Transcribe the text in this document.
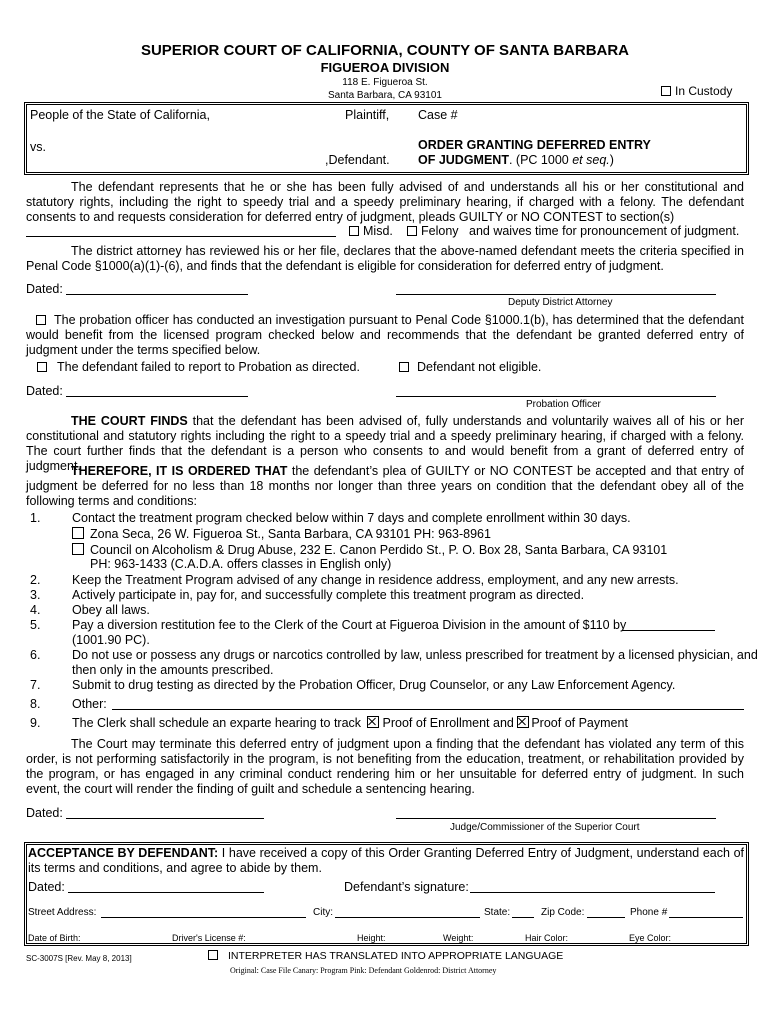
SUPERIOR COURT OF CALIFORNIA, COUNTY OF SANTA BARBARA
FIGUEROA DIVISION
118 E. Figueroa St.
Santa Barbara, CA 93101	In Custody
People of the State of California,	Plaintiff, Case #
vs.
,Defendant.
ORDER GRANTING DEFERRED ENTRY
OF JUDGMENT. (PC 1000 et seq.)
The defendant represents that he or she has been fully advised of and understands all his or her constitutional and statutory rights, including the right to speedy trial and a speedy preliminary hearing, if charged with a felony. The defendant consents to and requests consideration for deferred entry of judgment, pleads GUILTY or NO CONTEST to section(s)
Misd.	Felony and waives time for pronouncement of judgment.
The district attorney has reviewed his or her file, declares that the above-named defendant meets the criteria specified in Penal Code §1000(a)(1)-(6), and finds that the defendant is eligible for consideration for deferred entry of judgment.
Dated:
Deputy District Attorney
The probation officer has conducted an investigation pursuant to Penal Code §1000.1(b), has determined that the defendant would benefit from the licensed program checked below and recommends that the defendant be granted deferred entry of judgment under the terms specified below.
The defendant failed to report to Probation as directed.	Defendant not eligible.
Dated:
Probation Officer
THE COURT FINDS that the defendant has been advised of, fully understands and voluntarily waives all of his or her constitutional and statutory rights including the right to a speedy trial and a speedy preliminary hearing, if charged with a felony. The court further finds that the defendant is a person who consents to and would benefit from a grant of deferred entry of judgment.
THEREFORE, IT IS ORDERED THAT the defendant’s plea of GUILTY or NO CONTEST be accepted and that entry of judgment be deferred for no less than 18 months nor longer than three years on condition that the defendant obey all of the following terms and conditions:
1.	Contact the treatment program checked below within 7 days and complete enrollment within 30 days.
Zona Seca, 26 W. Figueroa St., Santa Barbara, CA 93101 PH: 963-8961
Council on Alcoholism & Drug Abuse, 232 E. Canon Perdido St., P. O. Box 28, Santa Barbara, CA 93101
PH: 963-1433 (C.A.D.A. offers classes in English only)
2.	Keep the Treatment Program advised of any change in residence address, employment, and any new arrests.
3.	Actively participate in, pay for, and successfully complete this treatment program as directed.
4.	Obey all laws.
5.	Pay a diversion restitution fee to the Clerk of the Court at Figueroa Division in the amount of $110 by
(1001.90 PC).
6.	Do not use or possess any drugs or narcotics controlled by law, unless prescribed for treatment by a licensed physician, and
then only in the amounts prescribed.
7.	Submit to drug testing as directed by the Probation Officer, Drug Counselor, or any Law Enforcement Agency.
8.	Other:
9.	The Clerk shall schedule an exparte hearing to track Proof of Enrollment and Proof of Payment
The Court may terminate this deferred entry of judgment upon a finding that the defendant has violated any term of this order, is not performing satisfactorily in the program, is not benefiting from the education, treatment, or rehabilitation provided by the program, or has engaged in any criminal conduct rendering him or her unsuitable for deferred entry of judgment. In such event, the court will render the finding of guilt and schedule a sentencing hearing.
Dated:
Judge/Commissioner of the Superior Court
ACCEPTANCE BY DEFENDANT: I have received a copy of this Order Granting Deferred Entry of Judgment, understand each of its terms and conditions, and agree to abide by them.
Dated:	Defendant’s signature:
Street Address:	City:	State:	Zip Code:	Phone #
Date of Birth:	Driver's License #:	Height:	Weight:	Hair Color:	Eye Color:
SC-3007S [Rev. May 8, 2013]	INTERPRETER HAS TRANSLATED INTO APPROPRIATE LANGUAGE
Original: Case File Canary: Program Pink: Defendant Goldenrod: District Attorney
